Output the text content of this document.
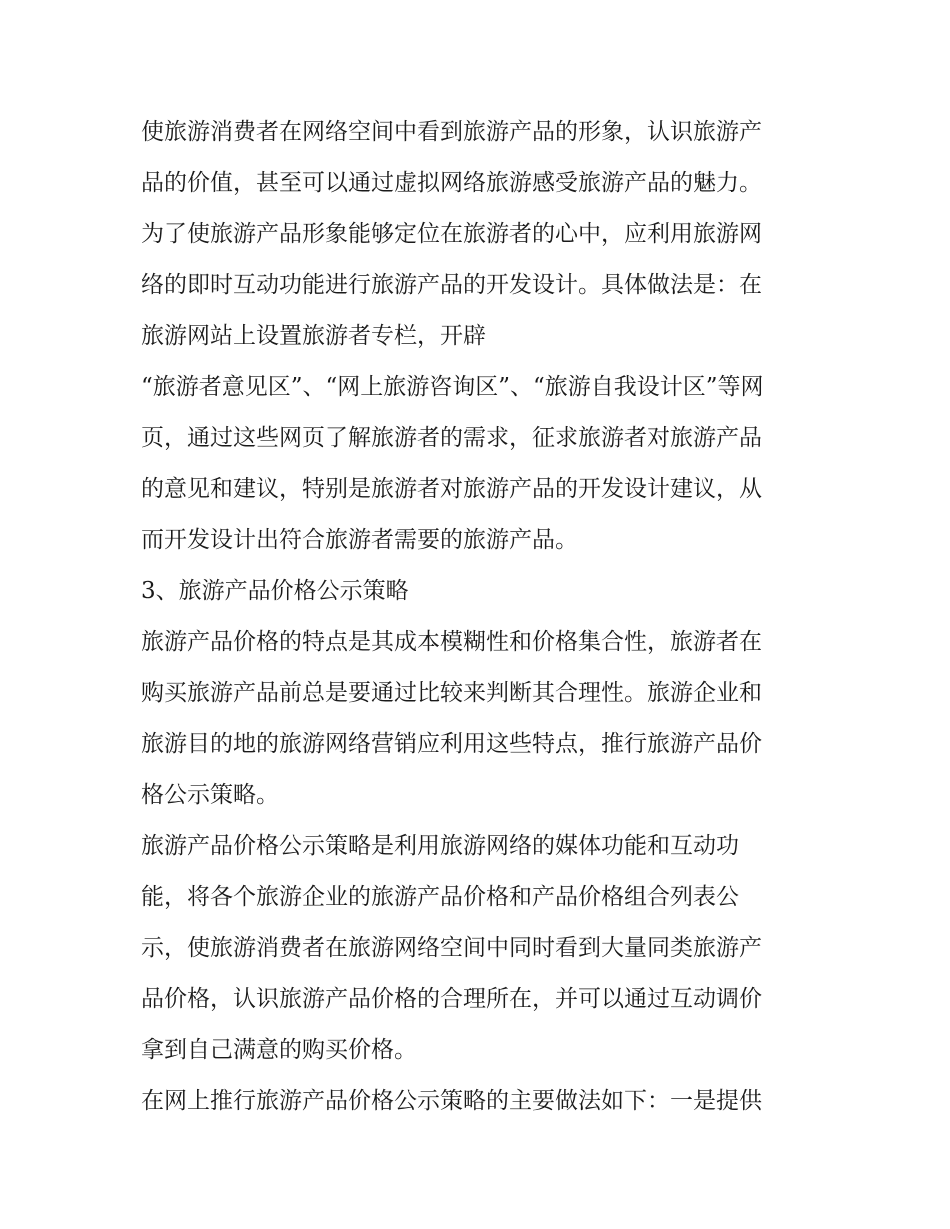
使旅游消费者在网络空间中看到旅游产品的形象，认识旅游产
品的价值，甚至可以通过虚拟网络旅游感受旅游产品的魅力。
为了使旅游产品形象能够定位在旅游者的心中，应利用旅游网
络的即时互动功能进行旅游产品的开发设计。具体做法是：在
旅游网站上设置旅游者专栏，开辟
“旅游者意见区”、“网上旅游咨询区”、“旅游自我设计区”等网
页，通过这些网页了解旅游者的需求，征求旅游者对旅游产品
的意见和建议，特别是旅游者对旅游产品的开发设计建议，从
而开发设计出符合旅游者需要的旅游产品。
3、旅游产品价格公示策略
旅游产品价格的特点是其成本模糊性和价格集合性，旅游者在
购买旅游产品前总是要通过比较来判断其合理性。旅游企业和
旅游目的地的旅游网络营销应利用这些特点，推行旅游产品价
格公示策略。
旅游产品价格公示策略是利用旅游网络的媒体功能和互动功
能，将各个旅游企业的旅游产品价格和产品价格组合列表公
示，使旅游消费者在旅游网络空间中同时看到大量同类旅游产
品价格，认识旅游产品价格的合理所在，并可以通过互动调价
拿到自己满意的购买价格。
在网上推行旅游产品价格公示策略的主要做法如下：一是提供
